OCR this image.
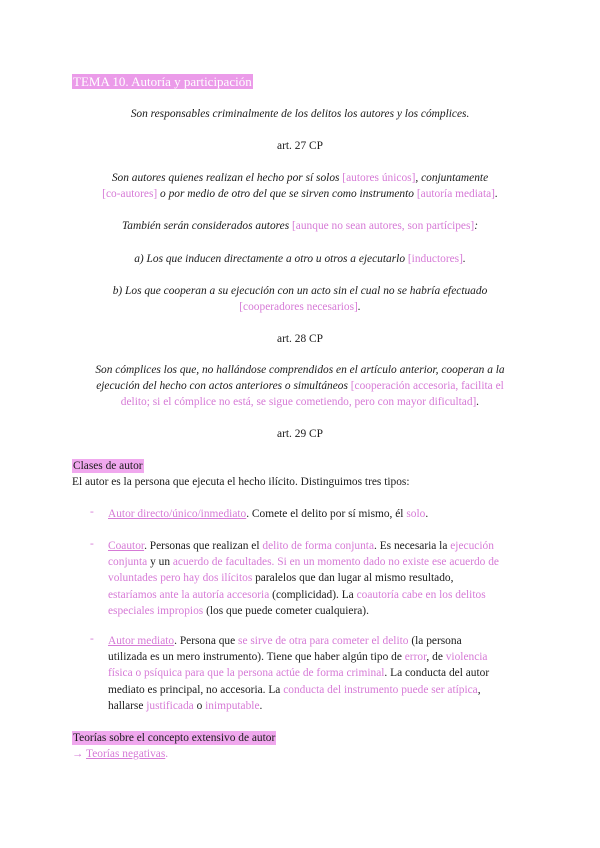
TEMA 10. Autoría y participación
Son responsables criminalmente de los delitos los autores y los cómplices.
art. 27 CP
Son autores quienes realizan el hecho por sí solos [autores únicos], conjuntamente
[co-autores] o por medio de otro del que se sirven como instrumento [autoría mediata].
También serán considerados autores [aunque no sean autores, son partícipes]:
a) Los que inducen directamente a otro u otros a ejecutarlo [inductores].
b) Los que cooperan a su ejecución con un acto sin el cual no se habría efectuado
[cooperadores necesarios].
art. 28 CP
Son cómplices los que, no hallándose comprendidos en el artículo anterior, cooperan a la
ejecución del hecho con actos anteriores o simultáneos [cooperación accesoria, facilita el
delito; si el cómplice no está, se sigue cometiendo, pero con mayor dificultad].
art. 29 CP
Clases de autor
El autor es la persona que ejecuta el hecho ilícito. Distinguimos tres tipos:
- Autor directo/único/inmediato. Comete el delito por sí mismo, él solo.
- Coautor. Personas que realizan el delito de forma conjunta. Es necesaria la ejecución
conjunta y un acuerdo de facultades. Si en un momento dado no existe ese acuerdo de
voluntades pero hay dos ilícitos paralelos que dan lugar al mismo resultado,
estaríamos ante la autoría accesoria (complicidad). La coautoría cabe en los delitos
especiales impropios (los que puede cometer cualquiera).
- Autor mediato. Persona que se sirve de otra para cometer el delito (la persona
utilizada es un mero instrumento). Tiene que haber algún tipo de error, de violencia
física o psíquica para que la persona actúe de forma criminal. La conducta del autor
mediato es principal, no accesoria. La conducta del instrumento puede ser atípica,
hallarse justificada o inimputable.
Teorías sobre el concepto extensivo de autor
→ Teorías negativas.
